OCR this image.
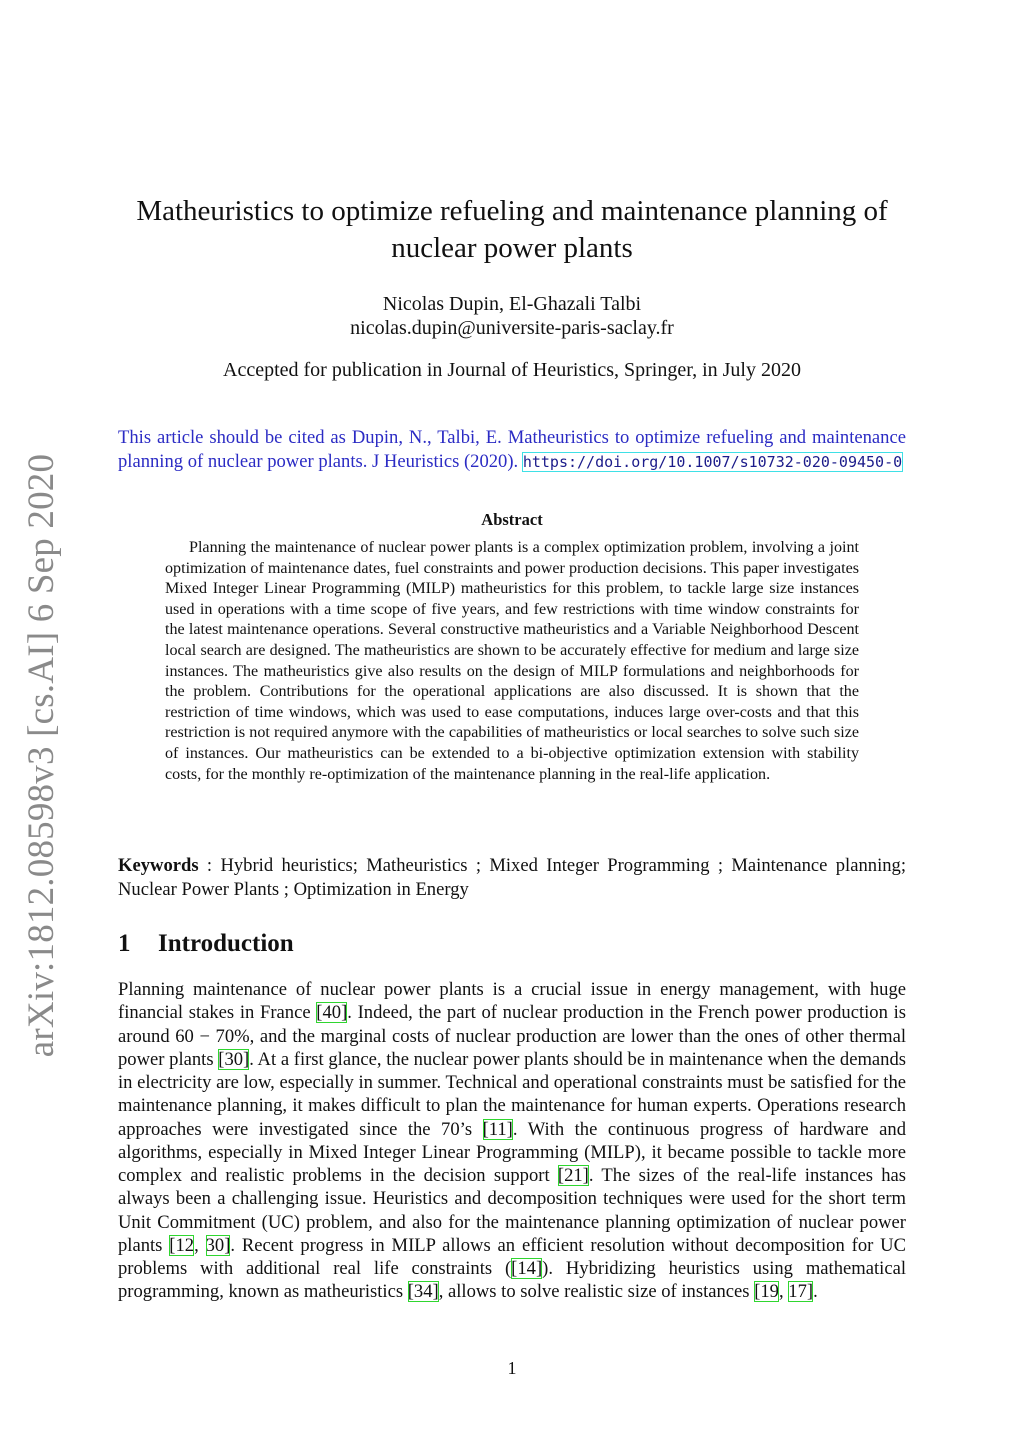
arXiv:1812.08598v3 [cs.AI] 6 Sep 2020
Matheuristics to optimize refueling and maintenance planning of
nuclear power plants
Nicolas Dupin, El-Ghazali Talbi
nicolas.dupin@universite-paris-saclay.fr
Accepted for publication in Journal of Heuristics, Springer, in July 2020
This article should be cited as Dupin, N., Talbi, E. Matheuristics to optimize refueling and maintenance planning of nuclear power plants. J Heuristics (2020). https://doi.org/10.1007/s10732-020-09450-0
Abstract

Planning the maintenance of nuclear power plants is a complex optimization problem, involving a joint optimization of maintenance dates, fuel constraints and power production decisions. This paper investigates Mixed Integer Linear Programming (MILP) matheuristics for this problem, to tackle large size instances used in operations with a time scope of five years, and few restrictions with time window constraints for the latest maintenance operations. Several constructive matheuristics and a Variable Neighborhood Descent local search are designed. The matheuristics are shown to be accurately effective for medium and large size instances. The matheuristics give also results on the design of MILP formulations and neighborhoods for the problem. Contributions for the operational applications are also discussed. It is shown that the restriction of time windows, which was used to ease computations, induces large over-costs and that this restriction is not required anymore with the capabilities of matheuristics or local searches to solve such size of instances. Our matheuristics can be extended to a bi-objective optimization extension with stability costs, for the monthly re-optimization of the maintenance planning in the real-life application.

Keywords : Hybrid heuristics; Matheuristics ; Mixed Integer Programming ; Maintenance planning; Nuclear Power Plants ; Optimization in Energy

1 Introduction

Planning maintenance of nuclear power plants is a crucial issue in energy management, with huge financial stakes in France [40]. Indeed, the part of nuclear production in the French power production is around 60 − 70%, and the marginal costs of nuclear production are lower than the ones of other thermal power plants [30]. At a first glance, the nuclear power plants should be in maintenance when the demands in electricity are low, especially in summer. Technical and operational constraints must be satisfied for the maintenance planning, it makes difficult to plan the maintenance for human experts. Operations research approaches were investigated since the 70’s [11]. With the continuous progress of hardware and algorithms, especially in Mixed Integer Linear Programming (MILP), it became possible to tackle more complex and realistic problems in the decision support [21]. The sizes of the real-life instances has always been a challenging issue. Heuristics and decomposition techniques were used for the short term Unit Commitment (UC) problem, and also for the maintenance planning optimization of nuclear power plants [12, 30]. Recent progress in MILP allows an efficient resolution without decomposition for UC problems with additional real life constraints ([14]). Hybridizing heuristics using mathematical programming, known as matheuristics [34], allows to solve realistic size of instances [19, 17].

1
